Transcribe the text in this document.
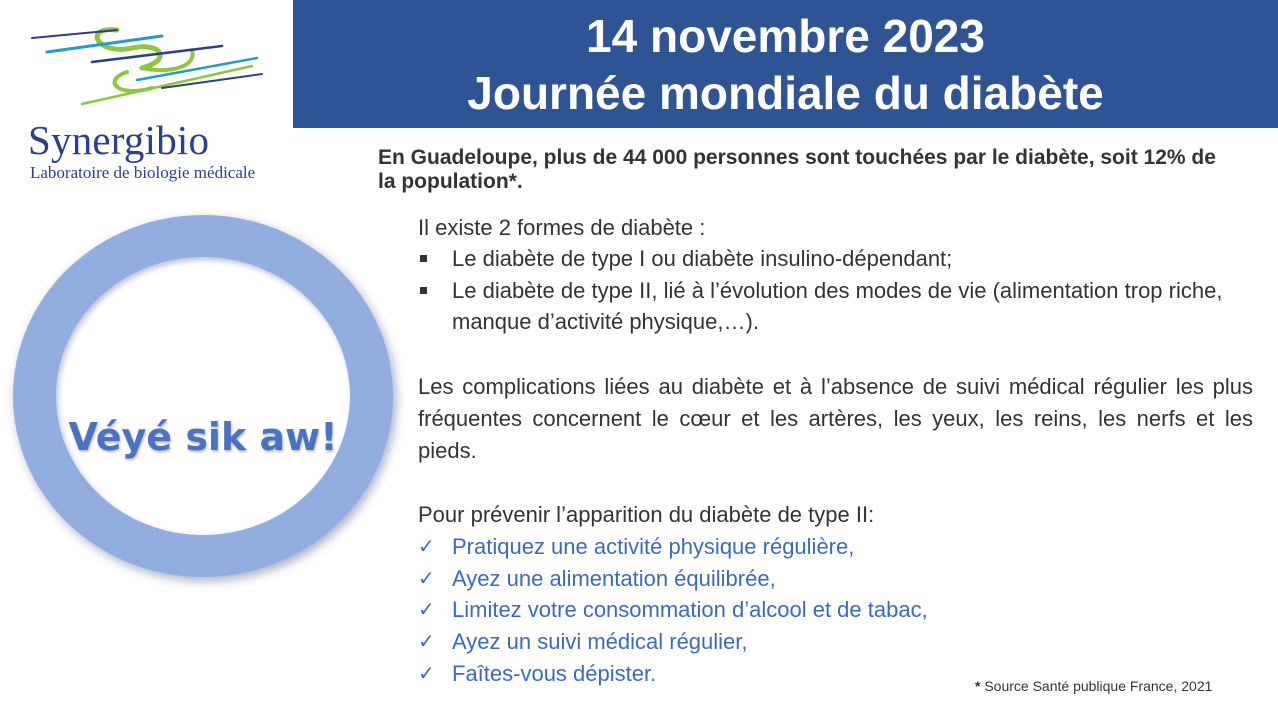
Synergibio
Laboratoire de biologie médicale
14 novembre 2023
Journée mondiale du diabète
Véyé sik aw!
En Guadeloupe, plus de 44 000 personnes sont touchées par le diabète, soit 12% de la population*.
Il existe 2 formes de diabète :
Le diabète de type I ou diabète insulino-dépendant;
Le diabète de type II, lié à l’évolution des modes de vie (alimentation trop riche, manque d’activité physique,…).
Les complications liées au diabète et à l’absence de suivi médical régulier les plus fréquentes concernent le cœur et les artères, les yeux, les reins, les nerfs et les pieds.
Pour prévenir l’apparition du diabète de type II:
✓ Pratiquez une activité physique régulière,
✓ Ayez une alimentation équilibrée,
✓ Limitez votre consommation d’alcool et de tabac,
✓ Ayez un suivi médical régulier,
✓ Faîtes-vous dépister.
* Source Santé publique France, 2021
